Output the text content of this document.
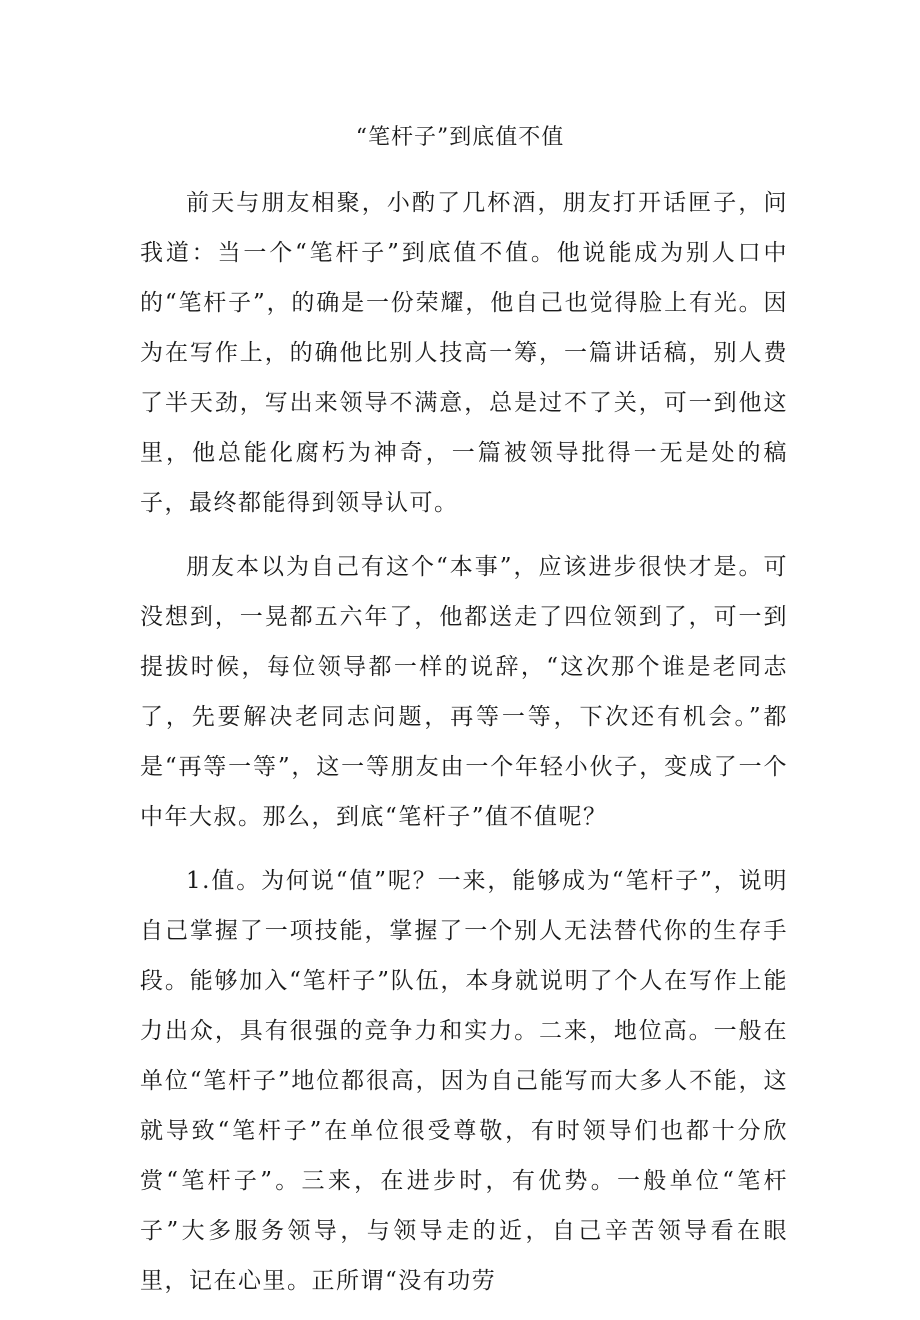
“笔杆子”到底值不值

前天与朋友相聚，小酌了几杯酒，朋友打开话匣子，问我道：当一个“笔杆子”到底值不值。他说能成为别人口中的“笔杆子”，的确是一份荣耀，他自己也觉得脸上有光。因为在写作上，的确他比别人技高一筹，一篇讲话稿，别人费了半天劲，写出来领导不满意，总是过不了关，可一到他这里，他总能化腐朽为神奇，一篇被领导批得一无是处的稿子，最终都能得到领导认可。

朋友本以为自己有这个“本事”，应该进步很快才是。可没想到，一晃都五六年了，他都送走了四位领到了，可一到提拔时候，每位领导都一样的说辞，“这次那个谁是老同志了，先要解决老同志问题，再等一等，下次还有机会。”都是“再等一等”，这一等朋友由一个年轻小伙子，变成了一个中年大叔。那么，到底“笔杆子”值不值呢？

1.值。为何说“值”呢？一来，能够成为“笔杆子”，说明自己掌握了一项技能，掌握了一个别人无法替代你的生存手段。能够加入“笔杆子”队伍，本身就说明了个人在写作上能力出众，具有很强的竞争力和实力。二来，地位高。一般在单位“笔杆子”地位都很高，因为自己能写而大多人不能，这就导致“笔杆子”在单位很受尊敬，有时领导们也都十分欣赏“笔杆子”。三来，在进步时，有优势。一般单位“笔杆子”大多服务领导，与领导走的近，自己辛苦领导看在眼里，记在心里。正所谓“没有功劳
